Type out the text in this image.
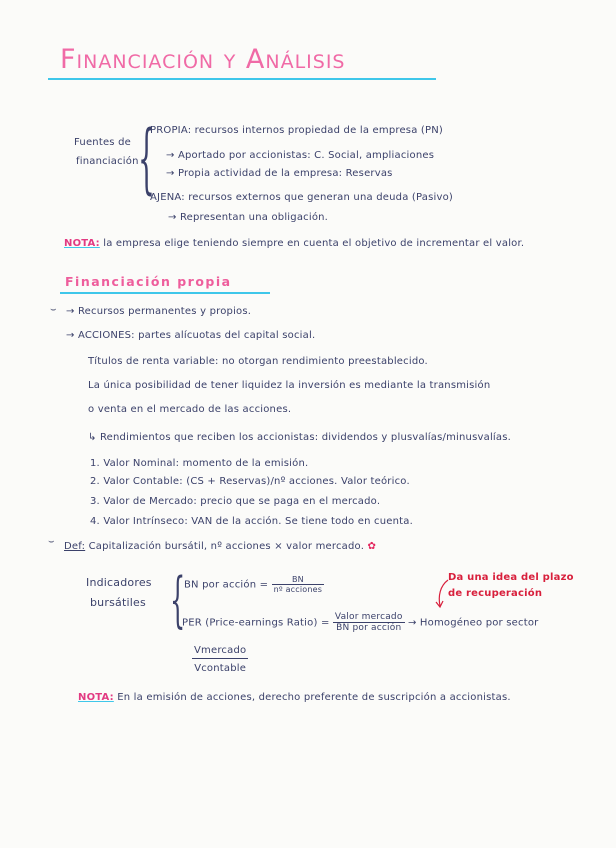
Financiación y Análisis
Fuentes de
financiación {
PROPIA: recursos internos propiedad de la empresa (PN)
→ Aportado por accionistas: C. Social, ampliaciones
→ Propia actividad de la empresa: Reservas
AJENA: recursos externos que generan una deuda (Pasivo)
→ Representan una obligación.
NOTA: la empresa elige teniendo siempre en cuenta el objetivo de incrementar el valor.
Financiación propia
⌣ → Recursos permanentes y propios.
→ ACCIONES: partes alícuotas del capital social.
Títulos de renta variable: no otorgan rendimiento preestablecido.
La única posibilidad de tener liquidez la inversión es mediante la transmisión
o venta en el mercado de las acciones.
↳ Rendimientos que reciben los accionistas: dividendos y plusvalías/minusvalías.
1. Valor Nominal: momento de la emisión.
2. Valor Contable: (CS + Reservas)/nº acciones. Valor teórico.
3. Valor de Mercado: precio que se paga en el mercado.
4. Valor Intrínseco: VAN de la acción. Se tiene todo en cuenta.
⌣ Def: Capitalización bursátil, nº acciones × valor mercado. ✿
Indicadores
bursátiles {
BN por acción = $\frac{BN}{\text{nº acciones}}$
PER (Price-earnings Ratio) = $\frac{\text{Valor mercado}}{\text{BN por acción}}$ → Homogéneo por sector
$\frac{\text{Vmercado}}{\text{Vcontable}}$
Da una idea del plazo
de recuperación
NOTA: En la emisión de acciones, derecho preferente de suscripción a accionistas.
